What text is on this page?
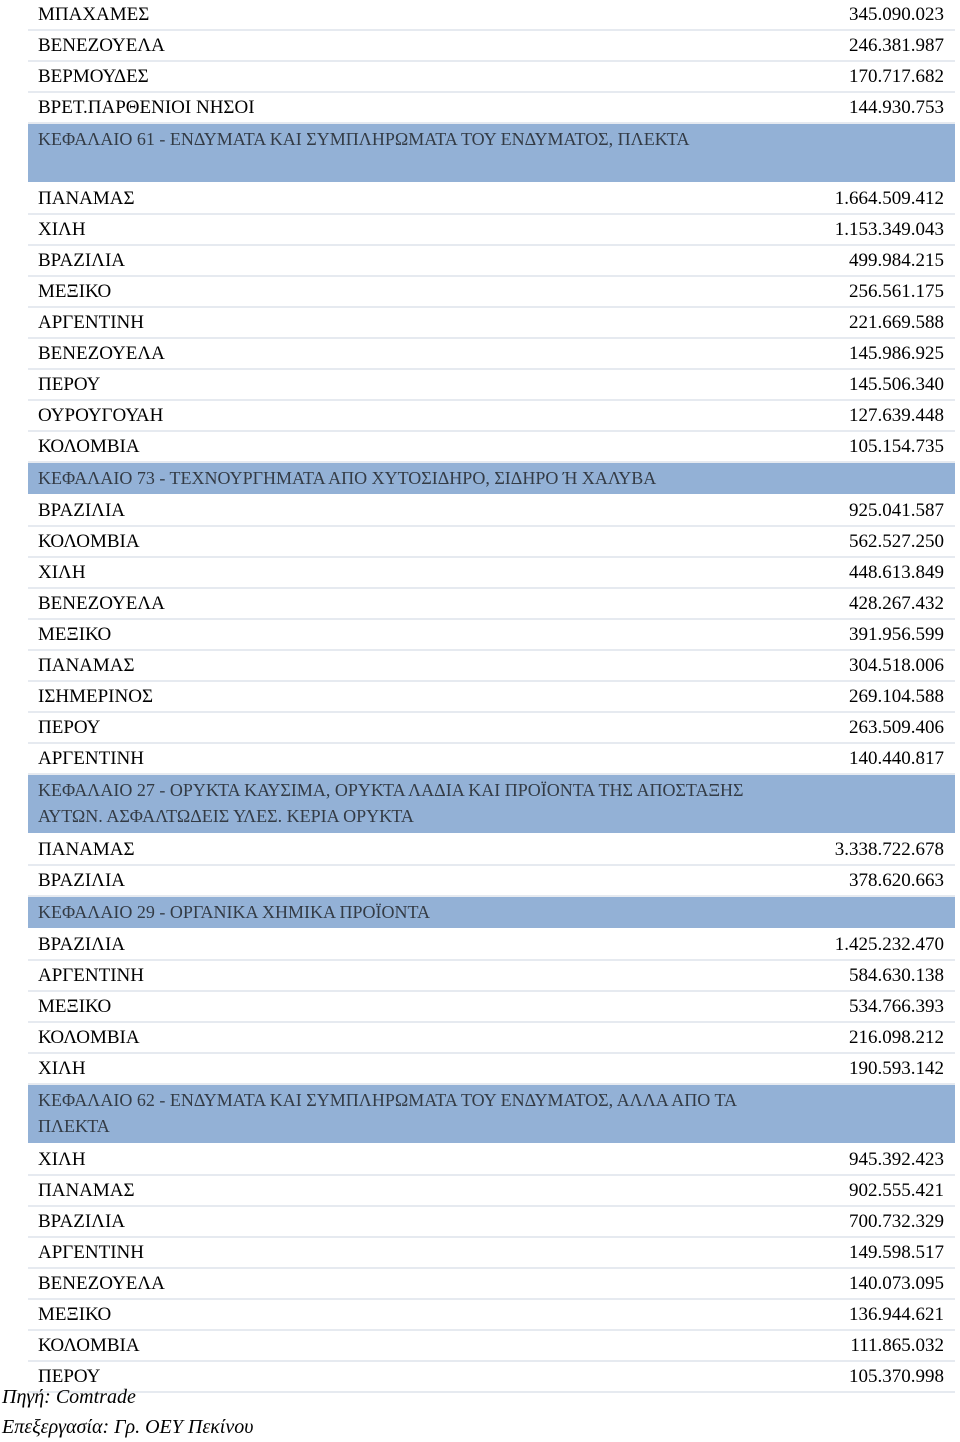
ΜΠΑΧΑΜΕΣ	345.090.023
ΒΕΝΕΖΟΥΕΛΑ	246.381.987
ΒΕΡΜΟΥΔΕΣ	170.717.682
ΒΡΕΤ.ΠΑΡΘΕΝΙΟΙ ΝΗΣΟΙ	144.930.753
ΚΕΦΑΛΑΙΟ 61 - ΕΝΔΥΜΑΤΑ ΚΑΙ ΣΥΜΠΛΗΡΩΜΑΤΑ ΤΟΥ ΕΝΔΥΜΑΤΟΣ, ΠΛΕΚΤΑ
ΠΑΝΑΜΑΣ	1.664.509.412
ΧΙΛΗ	1.153.349.043
ΒΡΑΖΙΛΙΑ	499.984.215
ΜΕΞΙΚΟ	256.561.175
ΑΡΓΕΝΤΙΝΗ	221.669.588
ΒΕΝΕΖΟΥΕΛΑ	145.986.925
ΠΕΡΟΥ	145.506.340
ΟΥΡΟΥΓΟΥΑΗ	127.639.448
ΚΟΛΟΜΒΙΑ	105.154.735
ΚΕΦΑΛΑΙΟ 73 - ΤΕΧΝΟΥΡΓΗΜΑΤΑ ΑΠΟ ΧΥΤΟΣΙΔΗΡΟ, ΣΙΔΗΡΟ Ή ΧΑΛΥΒΑ
ΒΡΑΖΙΛΙΑ	925.041.587
ΚΟΛΟΜΒΙΑ	562.527.250
ΧΙΛΗ	448.613.849
ΒΕΝΕΖΟΥΕΛΑ	428.267.432
ΜΕΞΙΚΟ	391.956.599
ΠΑΝΑΜΑΣ	304.518.006
ΙΣΗΜΕΡΙΝΟΣ	269.104.588
ΠΕΡΟΥ	263.509.406
ΑΡΓΕΝΤΙΝΗ	140.440.817
ΚΕΦΑΛΑΙΟ 27 - ΟΡΥΚΤΑ ΚΑΥΣΙΜΑ, ΟΡΥΚΤΑ ΛΑΔΙΑ ΚΑΙ ΠΡΟΪΟΝΤΑ ΤΗΣ ΑΠΟΣΤΑΞΗΣ ΑΥΤΩΝ. ΑΣΦΑΛΤΩΔΕΙΣ ΥΛΕΣ. ΚΕΡΙΑ ΟΡΥΚΤΑ
ΠΑΝΑΜΑΣ	3.338.722.678
ΒΡΑΖΙΛΙΑ	378.620.663
ΚΕΦΑΛΑΙΟ 29 - ΟΡΓΑΝΙΚΑ ΧΗΜΙΚΑ ΠΡΟΪΟΝΤΑ
ΒΡΑΖΙΛΙΑ	1.425.232.470
ΑΡΓΕΝΤΙΝΗ	584.630.138
ΜΕΞΙΚΟ	534.766.393
ΚΟΛΟΜΒΙΑ	216.098.212
ΧΙΛΗ	190.593.142
ΚΕΦΑΛΑΙΟ 62 - ΕΝΔΥΜΑΤΑ ΚΑΙ ΣΥΜΠΛΗΡΩΜΑΤΑ ΤΟΥ ΕΝΔΥΜΑΤΟΣ, ΑΛΛΑ ΑΠΟ ΤΑ ΠΛΕΚΤΑ
ΧΙΛΗ	945.392.423
ΠΑΝΑΜΑΣ	902.555.421
ΒΡΑΖΙΛΙΑ	700.732.329
ΑΡΓΕΝΤΙΝΗ	149.598.517
ΒΕΝΕΖΟΥΕΛΑ	140.073.095
ΜΕΞΙΚΟ	136.944.621
ΚΟΛΟΜΒΙΑ	111.865.032
ΠΕΡΟΥ	105.370.998
Πηγή: Comtrade
Επεξεργασία: Γρ. ΟΕΥ Πεκίνου
